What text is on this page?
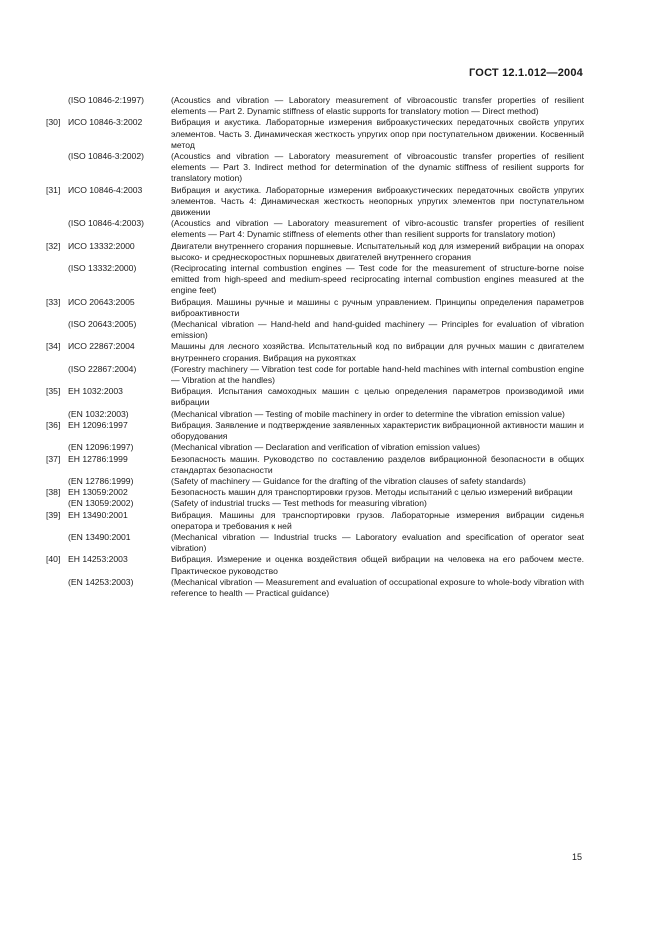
ГОСТ 12.1.012—2004
(ISO 10846-2:1997)	(Acoustics and vibration — Laboratory measurement of vibroacoustic transfer properties of resilient elements — Part 2. Dynamic stiffness of elastic supports for translatory motion — Direct method)
[30] ИСО 10846-3:2002	Вибрация и акустика. Лабораторные измерения виброакустических передаточных свойств упругих элементов. Часть 3. Динамическая жесткость упругих опор при поступательном движении. Косвенный метод
(ISO 10846-3:2002)	(Acoustics and vibration — Laboratory measurement of vibroacoustic transfer properties of resilient elements — Part 3. Indirect method for determination of the dynamic stiffness of resilient supports for translatory motion)
[31] ИСО 10846-4:2003	Вибрация и акустика. Лабораторные измерения виброакустических передаточных свойств упругих элементов. Часть 4: Динамическая жесткость неопорных упругих элементов при поступательном движении
(ISO 10846-4:2003)	(Acoustics and vibration — Laboratory measurement of vibro-acoustic transfer properties of resilient elements — Part 4: Dynamic stiffness of elements other than resilient supports for translatory motion)
[32] ИСО 13332:2000	Двигатели внутреннего сгорания поршневые. Испытательный код для измерений вибрации на опорах высоко- и среднескоростных поршневых двигателей внутреннего сгорания
(ISO 13332:2000)	(Reciprocating internal combustion engines — Test code for the measurement of structure-borne noise emitted from high-speed and medium-speed reciprocating internal combustion engines measured at the engine feet)
[33] ИСО 20643:2005	Вибрация. Машины ручные и машины с ручным управлением. Принципы определения параметров виброактивности
(ISO 20643:2005)	(Mechanical vibration — Hand-held and hand-guided machinery — Principles for evaluation of vibration emission)
[34] ИСО 22867:2004	Машины для лесного хозяйства. Испытательный код по вибрации для ручных машин с двигателем внутреннего сгорания. Вибрация на рукоятках
(ISO 22867:2004)	(Forestry machinery — Vibration test code for portable hand-held machines with internal combustion engine — Vibration at the handles)
[35] EH 1032:2003	Вибрация. Испытания самоходных машин с целью определения параметров производимой ими вибрации
(EN 1032:2003)	(Mechanical vibration — Testing of mobile machinery in order to determine the vibration emission value)
[36] EH 12096:1997	Вибрация. Заявление и подтверждение заявленных характеристик вибрационной активности машин и оборудования
(EN 12096:1997)	(Mechanical vibration — Declaration and verification of vibration emission values)
[37] EH 12786:1999	Безопасность машин. Руководство по составлению разделов вибрационной безопасности в общих стандартах безопасности
(EN 12786:1999)	(Safety of machinery — Guidance for the drafting of the vibration clauses of safety standards)
[38] EH 13059:2002	Безопасность машин для транспортировки грузов. Методы испытаний с целью измерений вибрации
(EN 13059:2002)	(Safety of industrial trucks — Test methods for measuring vibration)
[39] EH 13490:2001	Вибрация. Машины для транспортировки грузов. Лабораторные измерения вибрации сиденья оператора и требования к ней
(EN 13490:2001	(Mechanical vibration — Industrial trucks — Laboratory evaluation and specification of operator seat vibration)
[40] EH 14253:2003	Вибрация. Измерение и оценка воздействия общей вибрации на человека на его рабочем месте. Практическое руководство
(EN 14253:2003)	(Mechanical vibration — Measurement and evaluation of occupational exposure to whole-body vibration with reference to health — Practical guidance)
15
